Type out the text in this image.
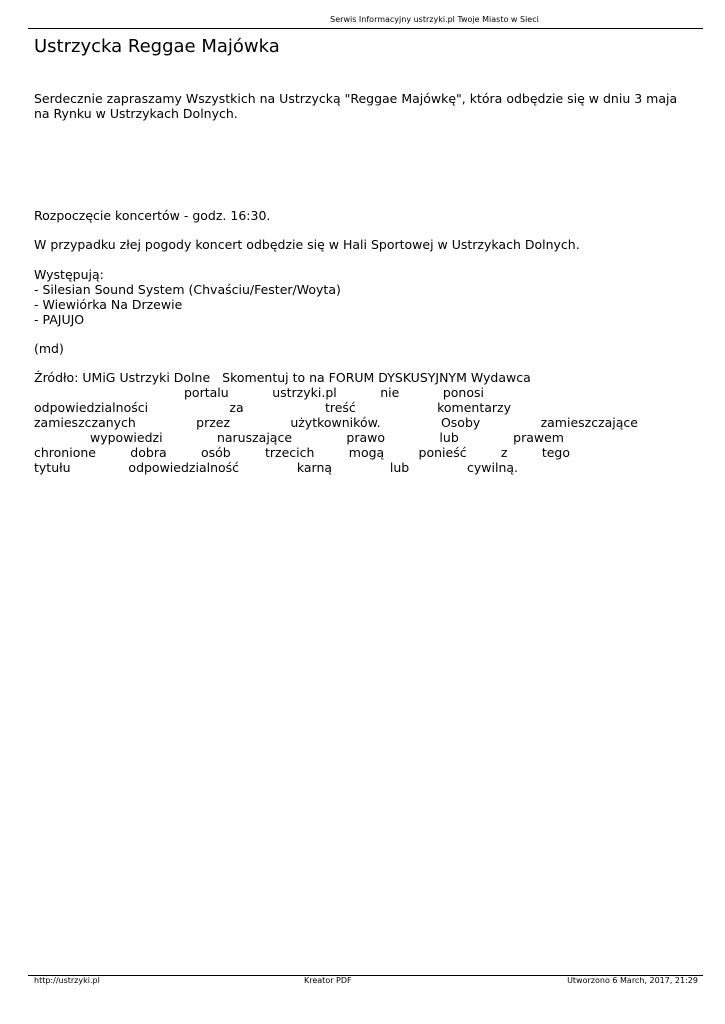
Serwis Informacyjny ustrzyki.pl Twoje Miasto w Sieci
Ustrzycka Reggae Majówka

Serdecznie zapraszamy Wszystkich na Ustrzycką "Reggae Majówkę", która odbędzie się w dniu 3 maja na Rynku w Ustrzykach Dolnych.

Rozpoczęcie koncertów - godz. 16:30.

W przypadku złej pogody koncert odbędzie się w Hali Sportowej w Ustrzykach Dolnych.

Występują:
- Silesian Sound System (Chvaściu/Fester/Woyta)
- Wiewiórka Na Drzewie
- PAJUJO

(md)

Źródło: UMiG Ustrzyki Dolne Skomentuj to na FORUM DYSKUSYJNYM Wydawca
portalu ustrzyki.pl nie ponosi
odpowiedzialności za treść komentarzy
zamieszczanych przez użytkowników. Osoby zamieszczające
wypowiedzi naruszające prawo lub prawem
chronione dobra osób trzecich mogą ponieść z tego
tytułu odpowiedzialność karną lub cywilną.
http://ustrzyki.pl	Kreator PDF	Utworzono 6 March, 2017, 21:29
